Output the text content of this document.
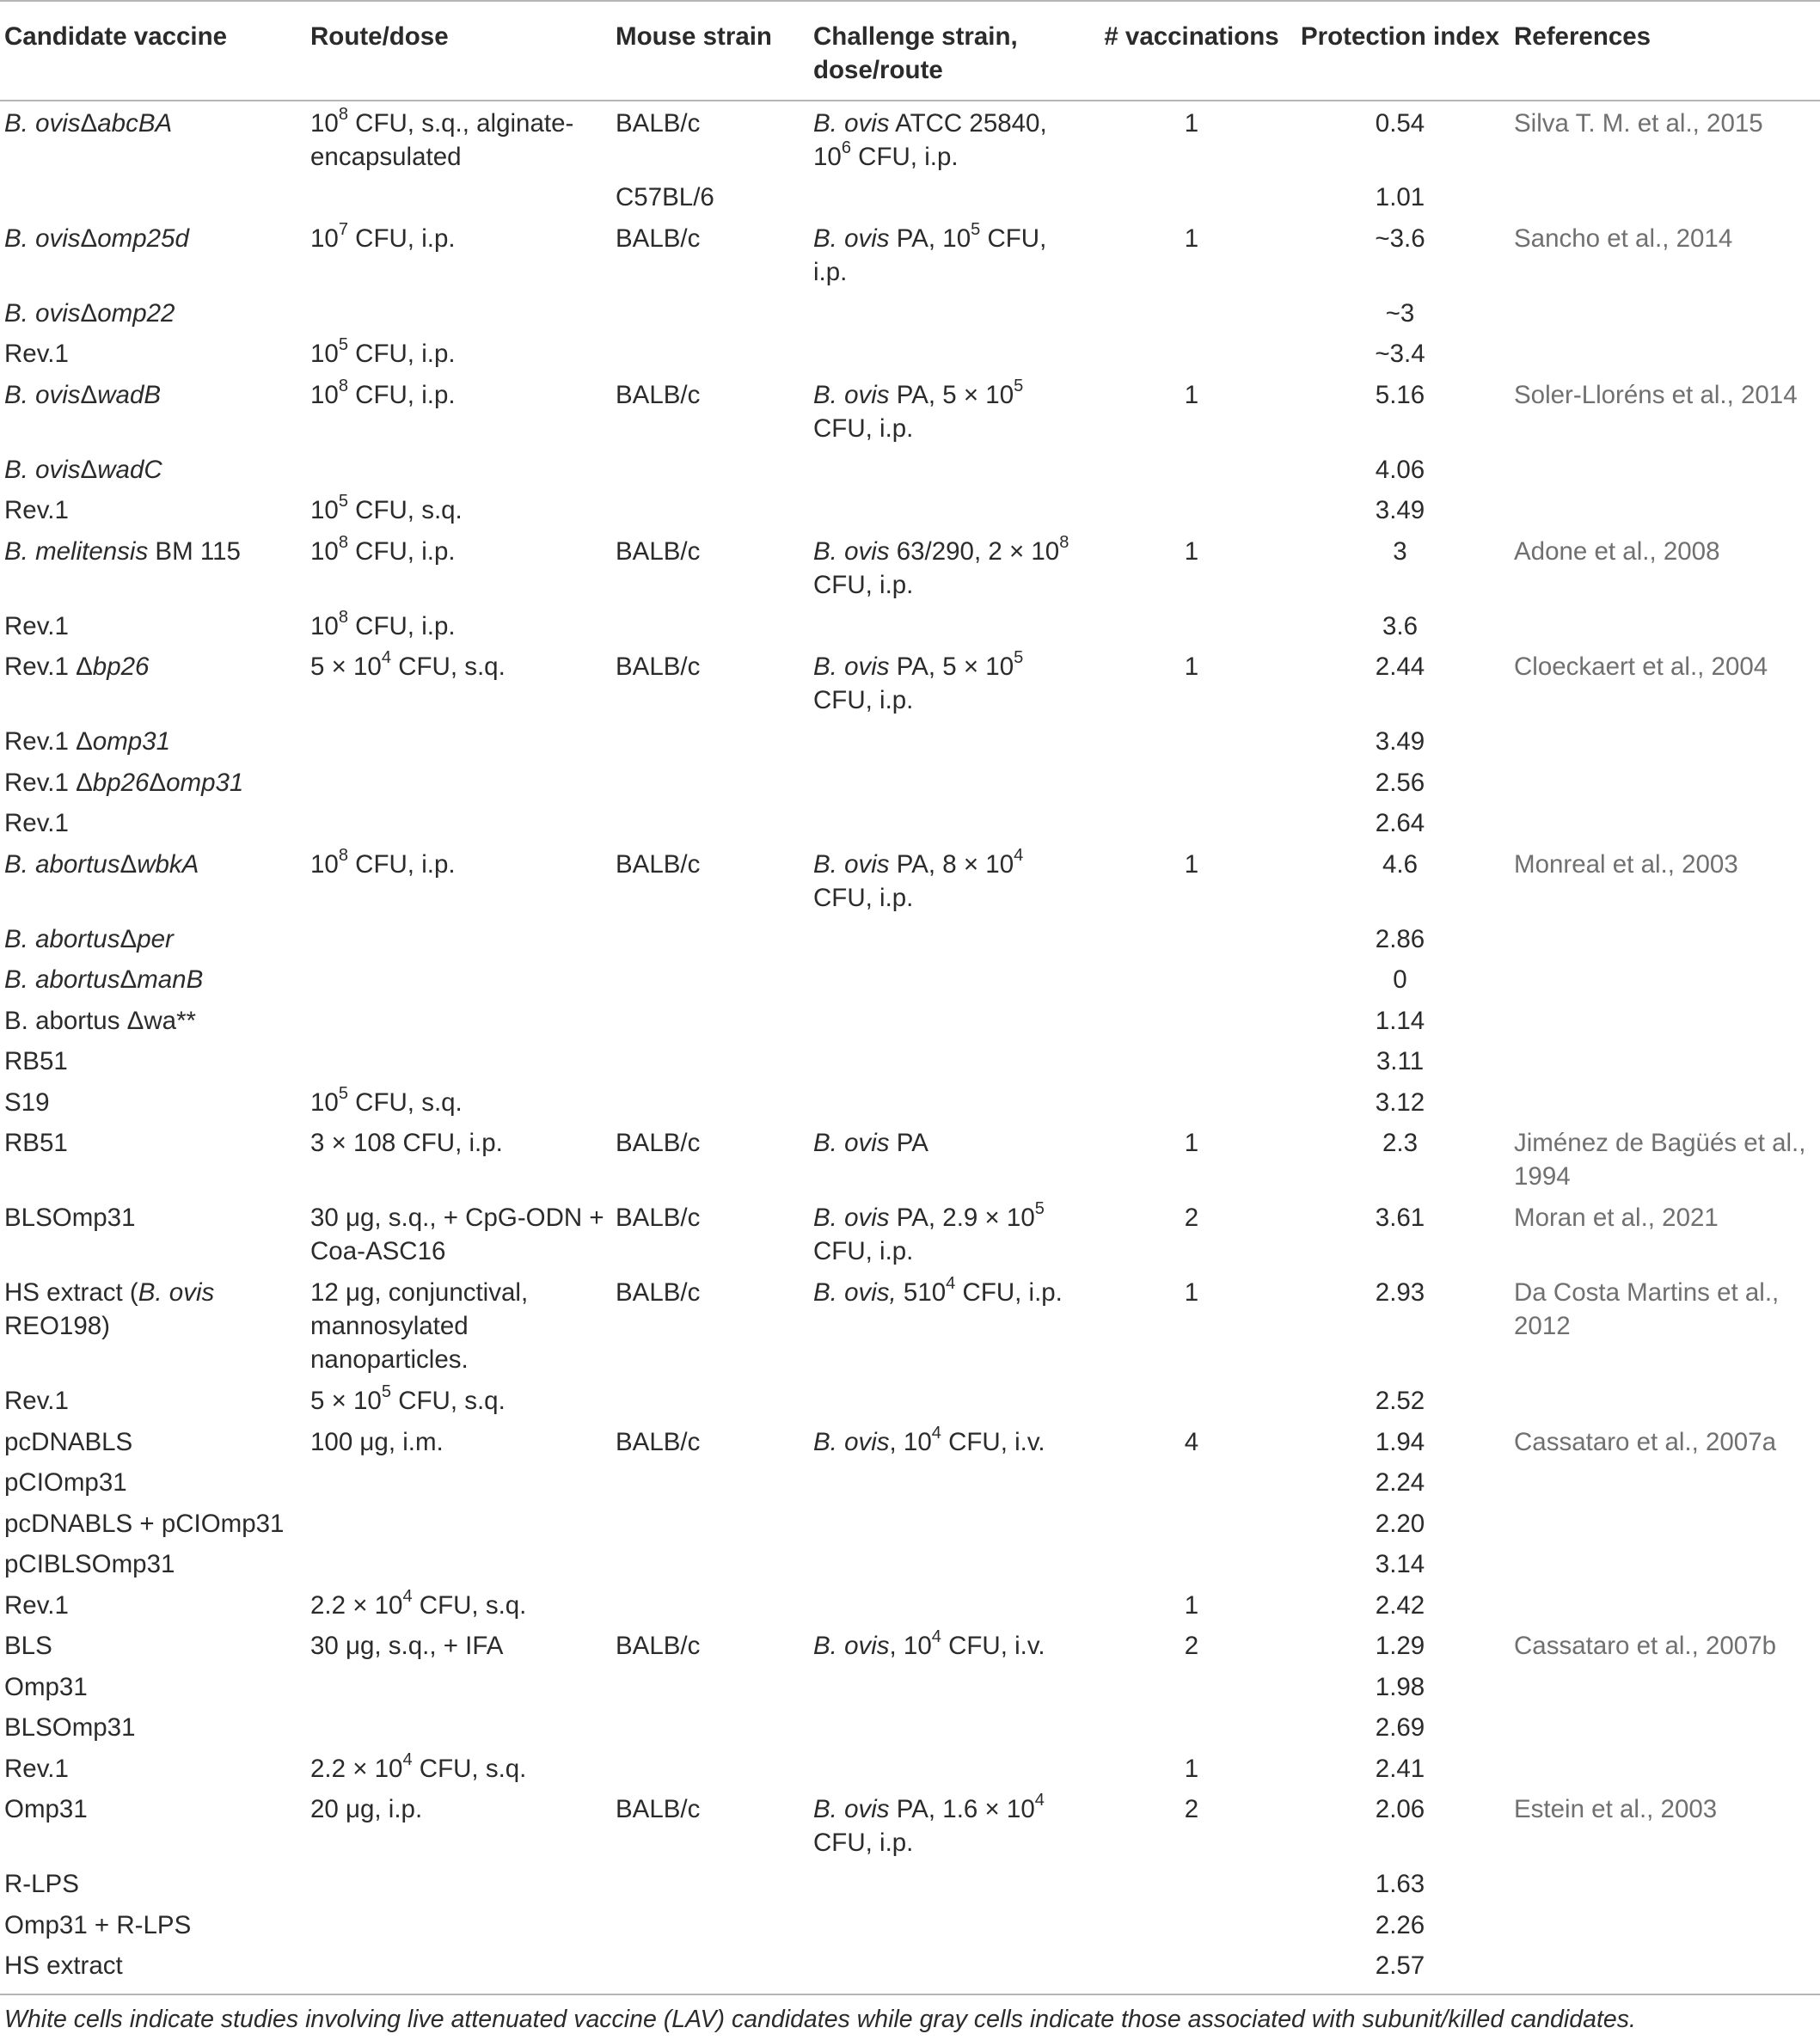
Candidate vaccine	Route/dose	Mouse strain	Challenge strain, dose/route	# vaccinations	Protection index	References
B. ovisΔabcBA	$10^8$ CFU, s.q., alginate-encapsulated	BALB/c	B. ovis ATCC 25840, $10^6$ CFU, i.p.	1	0.54	Silva T. M. et al., 2015
		C57BL/6			1.01	
B. ovisΔomp25d	$10^7$ CFU, i.p.	BALB/c	B. ovis PA, $10^5$ CFU, i.p.	1	~3.6	Sancho et al., 2014
B. ovisΔomp22					~3	
Rev.1	$10^5$ CFU, i.p.				~3.4	
B. ovisΔwadB	$10^8$ CFU, i.p.	BALB/c	B. ovis PA, $5 \times 10^5$ CFU, i.p.	1	5.16	Soler-Lloréns et al., 2014
B. ovisΔwadC					4.06	
Rev.1	$10^5$ CFU, s.q.				3.49	
B. melitensis BM 115	$10^8$ CFU, i.p.	BALB/c	B. ovis 63/290, $2 \times 10^8$ CFU, i.p.	1	3	Adone et al., 2008
Rev.1	$10^8$ CFU, i.p.				3.6	
Rev.1 Δbp26	$5 \times 10^4$ CFU, s.q.	BALB/c	B. ovis PA, $5 \times 10^5$ CFU, i.p.	1	2.44	Cloeckaert et al., 2004
Rev.1 Δomp31					3.49	
Rev.1 Δbp26Δomp31					2.56	
Rev.1					2.64	
B. abortusΔwbkA	$10^8$ CFU, i.p.	BALB/c	B. ovis PA, $8 \times 10^4$ CFU, i.p.	1	4.6	Monreal et al., 2003
B. abortusΔper					2.86	
B. abortusΔmanB					0	
B. abortus Δwa**					1.14	
RB51					3.11	
S19	$10^5$ CFU, s.q.				3.12	
RB51	3 × 108 CFU, i.p.	BALB/c	B. ovis PA	1	2.3	Jiménez de Bagüés et al., 1994
BLSOmp31	30 μg, s.q., + CpG-ODN + Coa-ASC16	BALB/c	B. ovis PA, $2.9 \times 10^5$ CFU, i.p.	2	3.61	Moran et al., 2021
HS extract (B. ovis REO198)	12 μg, conjunctival, mannosylated nanoparticles.	BALB/c	B. ovis, $510^4$ CFU, i.p.	1	2.93	Da Costa Martins et al., 2012
Rev.1	$5 \times 10^5$ CFU, s.q.				2.52	
pcDNABLS	100 μg, i.m.	BALB/c	B. ovis, $10^4$ CFU, i.v.	4	1.94	Cassataro et al., 2007a
pCIOmp31					2.24	
pcDNABLS + pCIOmp31					2.20	
pCIBLSOmp31					3.14	
Rev.1	$2.2 \times 10^4$ CFU, s.q.			1	2.42	
BLS	30 μg, s.q., + IFA	BALB/c	B. ovis, $10^4$ CFU, i.v.	2	1.29	Cassataro et al., 2007b
Omp31					1.98	
BLSOmp31					2.69	
Rev.1	$2.2 \times 10^4$ CFU, s.q.			1	2.41	
Omp31	20 μg, i.p.	BALB/c	B. ovis PA, $1.6 \times 10^4$ CFU, i.p.	2	2.06	Estein et al., 2003
R-LPS					1.63	
Omp31 + R-LPS					2.26	
HS extract					2.57	
White cells indicate studies involving live attenuated vaccine (LAV) candidates while gray cells indicate those associated with subunit/killed candidates.
